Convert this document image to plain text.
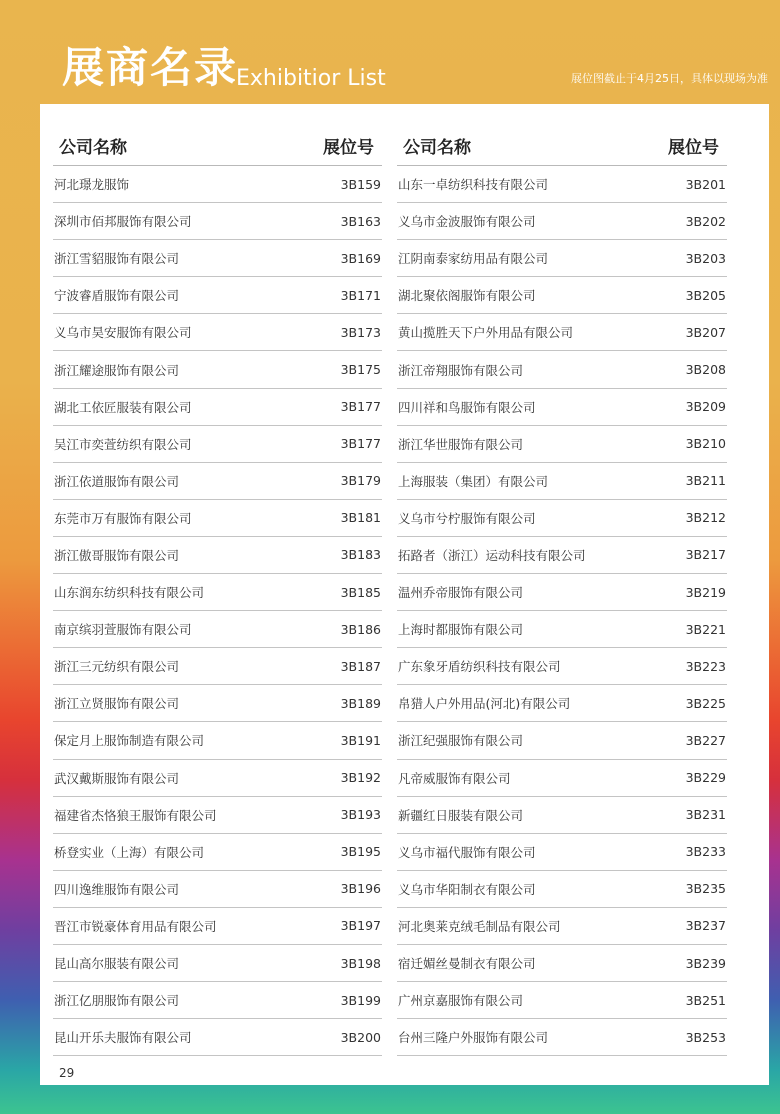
展商名录
Exhibitior List	展位图截止于4月25日，具体以现场为准
公司名称	展位号
河北璟龙服饰	3B159
深圳市佰邦服饰有限公司	3B163
浙江雪貂服饰有限公司	3B169
宁波睿盾服饰有限公司	3B171
义乌市昊安服饰有限公司	3B173
浙江耀途服饰有限公司	3B175
湖北工依匠服装有限公司	3B177
吴江市奕萱纺织有限公司	3B177
浙江依道服饰有限公司	3B179
东莞市万有服饰有限公司	3B181
浙江傲哥服饰有限公司	3B183
山东润东纺织科技有限公司	3B185
南京缤羽萱服饰有限公司	3B186
浙江三元纺织有限公司	3B187
浙江立贤服饰有限公司	3B189
保定月上服饰制造有限公司	3B191
武汉戴斯服饰有限公司	3B192
福建省杰恪狼王服饰有限公司	3B193
桥登实业（上海）有限公司	3B195
四川逸维服饰有限公司	3B196
晋江市锐豪体育用品有限公司	3B197
昆山高尔服装有限公司	3B198
浙江亿朋服饰有限公司	3B199
昆山开乐夫服饰有限公司	3B200
公司名称	展位号
山东一卓纺织科技有限公司	3B201
义乌市金波服饰有限公司	3B202
江阴南泰家纺用品有限公司	3B203
湖北聚依阁服饰有限公司	3B205
黄山揽胜天下户外用品有限公司	3B207
浙江帝翔服饰有限公司	3B208
四川祥和鸟服饰有限公司	3B209
浙江华世服饰有限公司	3B210
上海服装（集团）有限公司	3B211
义乌市兮柠服饰有限公司	3B212
拓路者（浙江）运动科技有限公司	3B217
温州乔帝服饰有限公司	3B219
上海时都服饰有限公司	3B221
广东象牙盾纺织科技有限公司	3B223
帛猎人户外用品(河北)有限公司	3B225
浙江纪强服饰有限公司	3B227
凡帝威服饰有限公司	3B229
新疆红日服装有限公司	3B231
义乌市福代服饰有限公司	3B233
义乌市华阳制衣有限公司	3B235
河北奥莱克绒毛制品有限公司	3B237
宿迁媚丝曼制衣有限公司	3B239
广州京嘉服饰有限公司	3B251
台州三隆户外服饰有限公司	3B253
29
